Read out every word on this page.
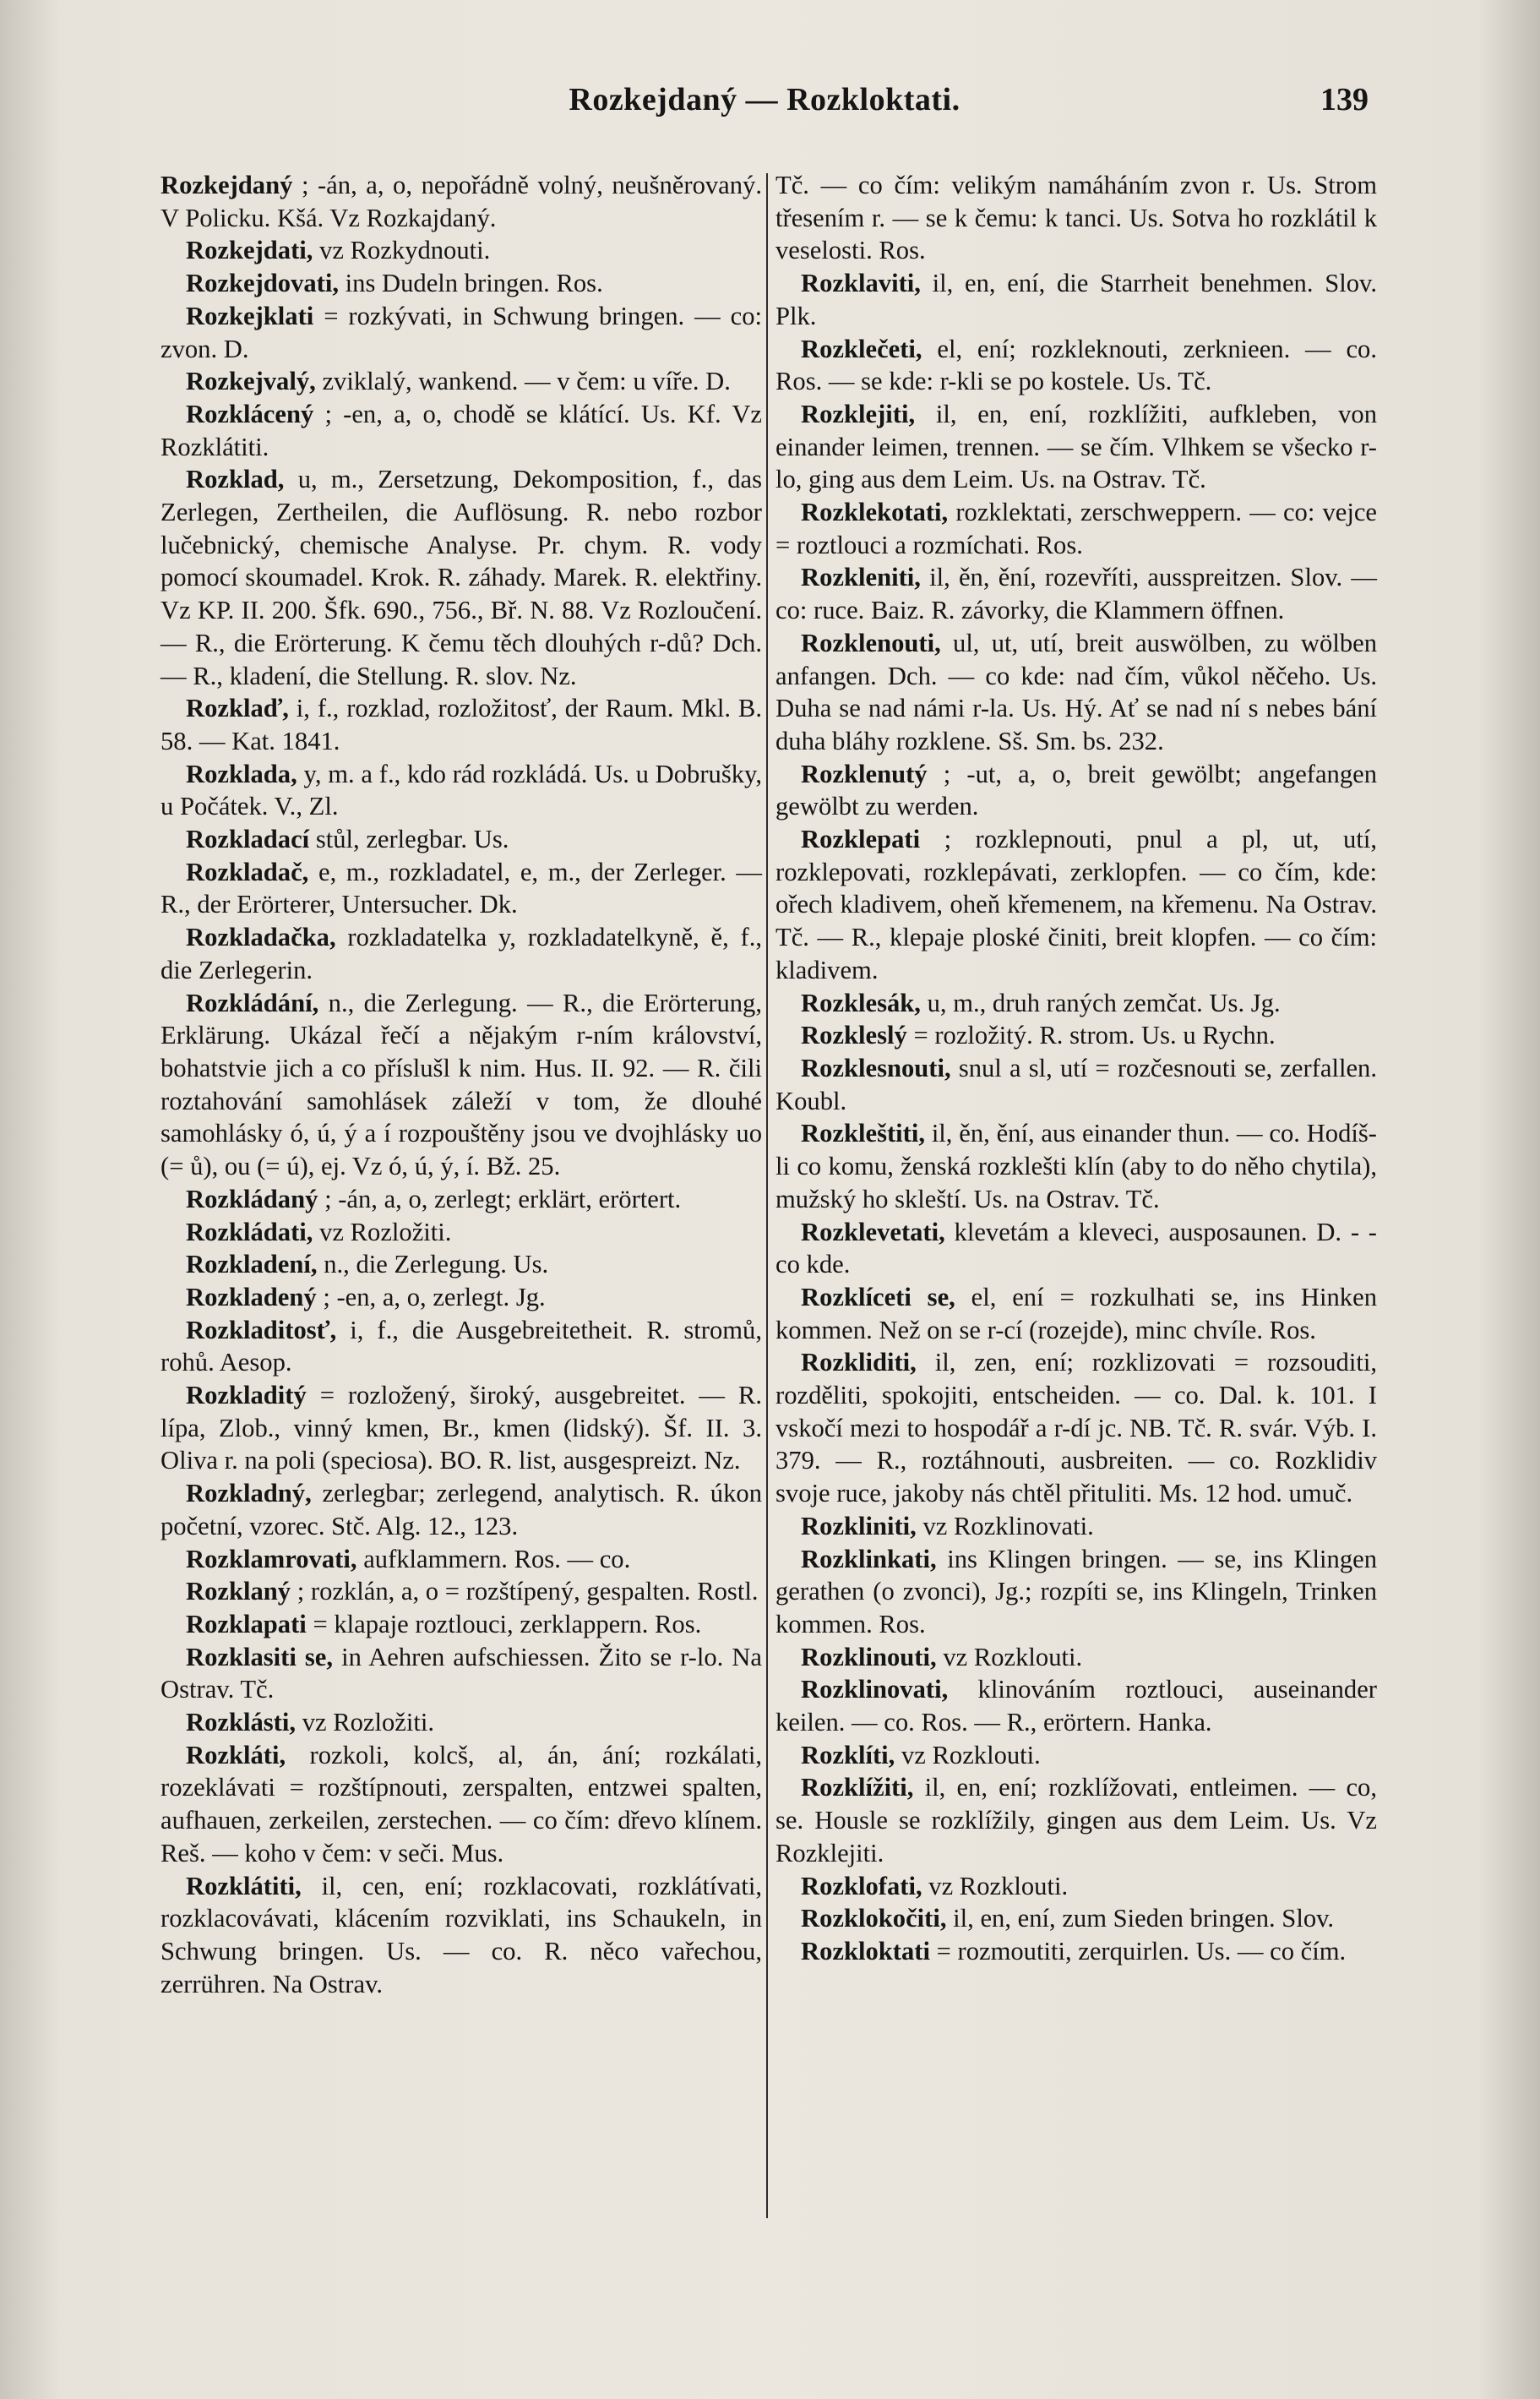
Rozkejdaný — Rozkloktati.	139

Rozkejdaný ; -án, a, o, nepořádně volný, neušněrovaný. V Policku. Kšá. Vz Rozkajdaný.

Rozkejdati, vz Rozkydnouti.

Rozkejdovati, ins Dudeln bringen. Ros.

Rozkejklati = rozkývati, in Schwung bringen. — co: zvon. D.

Rozkejvalý, zviklalý, wankend. — v čem: u víře. D.

Rozklácený ; -en, a, o, chodě se klátící. Us. Kf. Vz Rozklátiti.

Rozklad, u, m., Zersetzung, Dekomposition, f., das Zerlegen, Zertheilen, die Auflösung. R. nebo rozbor lučebnický, chemische Analyse. Pr. chym. R. vody pomocí skoumadel. Krok. R. záhady. Marek. R. elektřiny. Vz KP. II. 200. Šfk. 690., 756., Bř. N. 88. Vz Rozloučení. — R., die Erörterung. K čemu těch dlouhých r-dů? Dch. — R., kladení, die Stellung. R. slov. Nz.

Rozklaď, i, f., rozklad, rozložitosť, der Raum. Mkl. B. 58. — Kat. 1841.

Rozklada, y, m. a f., kdo rád rozkládá. Us. u Dobrušky, u Počátek. V., Zl.

Rozkladací stůl, zerlegbar. Us.

Rozkladač, e, m., rozkladatel, e, m., der Zerleger. — R., der Erörterer, Untersucher. Dk.

Rozkladačka, rozkladatelka y, rozkladatelkyně, ě, f., die Zerlegerin.

Rozkládání, n., die Zerlegung. — R., die Erörterung, Erklärung. Ukázal řečí a nějakým r-ním království, bohatstvie jich a co příslušl k nim. Hus. II. 92. — R. čili roztahování samohlásek záleží v tom, že dlouhé samohlásky ó, ú, ý a í rozpouštěny jsou ve dvojhlásky uo (= ů), ou (= ú), ej. Vz ó, ú, ý, í. Bž. 25.

Rozkládaný ; -án, a, o, zerlegt; erklärt, erörtert.

Rozkládati, vz Rozložiti.

Rozkladení, n., die Zerlegung. Us.

Rozkladený ; -en, a, o, zerlegt. Jg.

Rozkladitosť, i, f., die Ausgebreitetheit. R. stromů, rohů. Aesop.

Rozkladitý = rozložený, široký, ausgebreitet. — R. lípa, Zlob., vinný kmen, Br., kmen (lidský). Šf. II. 3. Oliva r. na poli (speciosa). BO. R. list, ausgespreizt. Nz.

Rozkladný, zerlegbar; zerlegend, analytisch. R. úkon početní, vzorec. Stč. Alg. 12., 123.

Rozklamrovati, aufklammern. Ros. — co.

Rozklaný ; rozklán, a, o = rozštípený, gespalten. Rostl.

Rozklapati = klapaje roztlouci, zerklappern. Ros.

Rozklasiti se, in Aehren aufschiessen. Žito se r-lo. Na Ostrav. Tč.

Rozklásti, vz Rozložiti.

Rozkláti, rozkoli, kolcš, al, án, ání; rozkálati, rozeklávati = rozštípnouti, zerspalten, entzwei spalten, aufhauen, zerkeilen, zerstechen. — co čím: dřevo klínem. Reš. — koho v čem: v seči. Mus.

Rozklátiti, il, cen, ení; rozklacovati, rozklátívati, rozklacovávati, klácením rozviklati, ins Schaukeln, in Schwung bringen. Us. — co. R. něco vařechou, zerrühren. Na Ostrav.

Tč. — co čím: velikým namáháním zvon r. Us. Strom třesením r. — se k čemu: k tanci. Us. Sotva ho rozklátil k veselosti. Ros.

Rozklaviti, il, en, ení, die Starrheit benehmen. Slov. Plk.

Rozklečeti, el, ení; rozkleknouti, zerknieen. — co. Ros. — se kde: r-kli se po kostele. Us. Tč.

Rozklejiti, il, en, ení, rozklížiti, aufkleben, von einander leimen, trennen. — se čím. Vlhkem se všecko r-lo, ging aus dem Leim. Us. na Ostrav. Tč.

Rozklekotati, rozklektati, zerschweppern. — co: vejce = roztlouci a rozmíchati. Ros.

Rozkleniti, il, ěn, ění, rozevříti, ausspreitzen. Slov. — co: ruce. Baiz. R. závorky, die Klammern öffnen.

Rozklenouti, ul, ut, utí, breit auswölben, zu wölben anfangen. Dch. — co kde: nad čím, vůkol něčeho. Us. Duha se nad námi r-la. Us. Hý. Ať se nad ní s nebes bání duha bláhy rozklene. Sš. Sm. bs. 232.

Rozklenutý ; -ut, a, o, breit gewölbt; angefangen gewölbt zu werden.

Rozklepati ; rozklepnouti, pnul a pl, ut, utí, rozklepovati, rozklepávati, zerklopfen. — co čím, kde: ořech kladivem, oheň křemenem, na křemenu. Na Ostrav. Tč. — R., klepaje ploské činiti, breit klopfen. — co čím: kladivem.

Rozklesák, u, m., druh raných zemčat. Us. Jg.

Rozkleslý = rozložitý. R. strom. Us. u Rychn.

Rozklesnouti, snul a sl, utí = rozčesnouti se, zerfallen. Koubl.

Rozkleštiti, il, ěn, ění, aus einander thun. — co. Hodíš-li co komu, ženská rozklešti klín (aby to do něho chytila), mužský ho skleští. Us. na Ostrav. Tč.

Rozklevetati, klevetám a kleveci, ausposaunen. D. - - co kde.

Rozklíceti se, el, ení = rozkulhati se, ins Hinken kommen. Než on se r-cí (rozejde), minc chvíle. Ros.

Rozkliditi, il, zen, ení; rozklizovati = rozsouditi, rozděliti, spokojiti, entscheiden. — co. Dal. k. 101. I vskočí mezi to hospodář a r-dí jc. NB. Tč. R. svár. Výb. I. 379. — R., roztáhnouti, ausbreiten. — co. Rozklidiv svoje ruce, jakoby nás chtěl přituliti. Ms. 12 hod. umuč.

Rozkliniti, vz Rozklinovati.

Rozklinkati, ins Klingen bringen. — se, ins Klingen gerathen (o zvonci), Jg.; rozpíti se, ins Klingeln, Trinken kommen. Ros.

Rozklinouti, vz Rozklouti.

Rozklinovati, klinováním roztlouci, auseinander keilen. — co. Ros. — R., erörtern. Hanka.

Rozklíti, vz Rozklouti.

Rozklížiti, il, en, ení; rozklížovati, entleimen. — co, se. Housle se rozklížily, gingen aus dem Leim. Us. Vz Rozklejiti.

Rozklofati, vz Rozklouti.

Rozklokočiti, il, en, ení, zum Sieden bringen. Slov.

Rozkloktati = rozmoutiti, zerquirlen. Us. — co čím.
